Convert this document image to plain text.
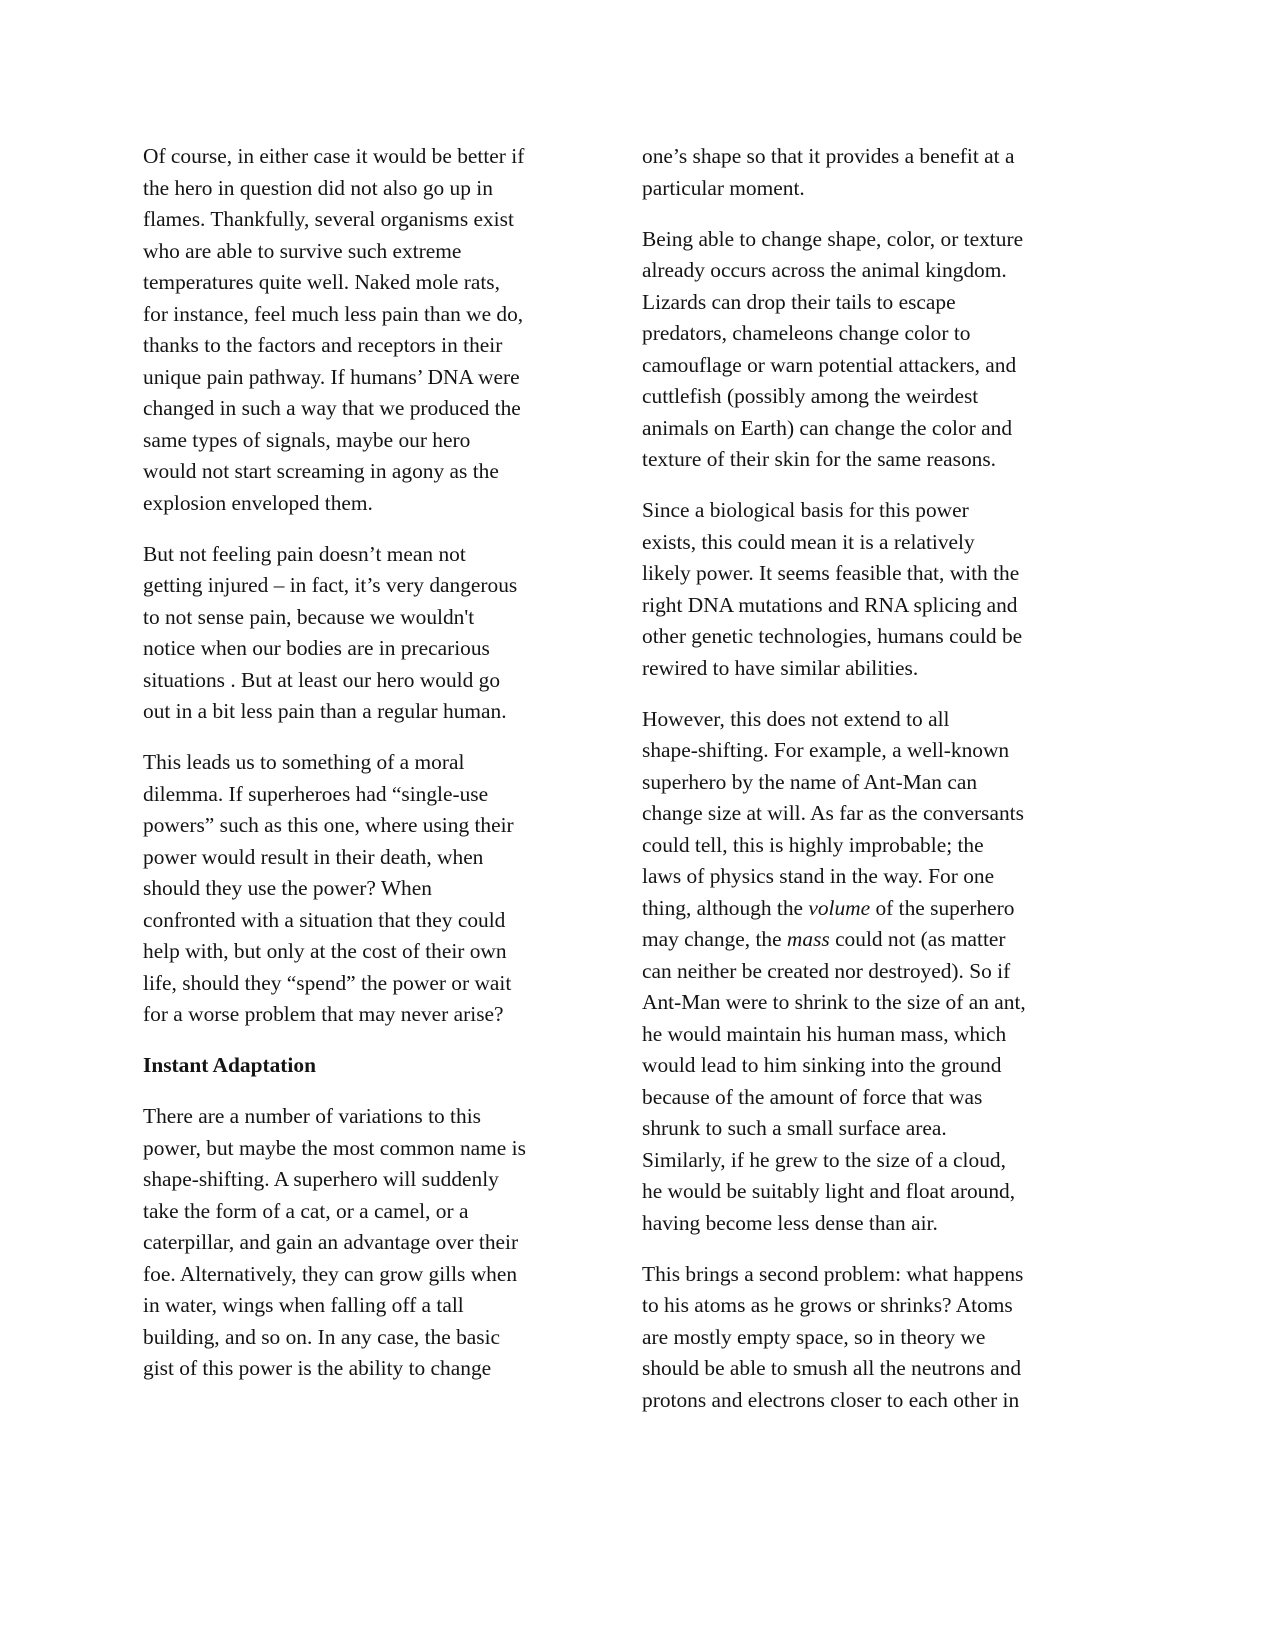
Of course, in either case it would be better if
the hero in question did not also go up in
flames. Thankfully, several organisms exist
who are able to survive such extreme
temperatures quite well. Naked mole rats,
for instance, feel much less pain than we do,
thanks to the factors and receptors in their
unique pain pathway. If humans’ DNA were
changed in such a way that we produced the
same types of signals, maybe our hero
would not start screaming in agony as the
explosion enveloped them.
But not feeling pain doesn’t mean not
getting injured – in fact, it’s very dangerous
to not sense pain, because we wouldn't
notice when our bodies are in precarious
situations . But at least our hero would go
out in a bit less pain than a regular human.
This leads us to something of a moral
dilemma. If superheroes had “single-use
powers” such as this one, where using their
power would result in their death, when
should they use the power? When
confronted with a situation that they could
help with, but only at the cost of their own
life, should they “spend” the power or wait
for a worse problem that may never arise?
Instant Adaptation
There are a number of variations to this
power, but maybe the most common name is
shape-shifting. A superhero will suddenly
take the form of a cat, or a camel, or a
caterpillar, and gain an advantage over their
foe. Alternatively, they can grow gills when
in water, wings when falling off a tall
building, and so on. In any case, the basic
gist of this power is the ability to change
one’s shape so that it provides a benefit at a
particular moment.
Being able to change shape, color, or texture
already occurs across the animal kingdom.
Lizards can drop their tails to escape
predators, chameleons change color to
camouflage or warn potential attackers, and
cuttlefish (possibly among the weirdest
animals on Earth) can change the color and
texture of their skin for the same reasons.
Since a biological basis for this power
exists, this could mean it is a relatively
likely power. It seems feasible that, with the
right DNA mutations and RNA splicing and
other genetic technologies, humans could be
rewired to have similar abilities.
However, this does not extend to all
shape-shifting. For example, a well-known
superhero by the name of Ant-Man can
change size at will. As far as the conversants
could tell, this is highly improbable; the
laws of physics stand in the way. For one
thing, although the volume of the superhero
may change, the mass could not (as matter
can neither be created nor destroyed). So if
Ant-Man were to shrink to the size of an ant,
he would maintain his human mass, which
would lead to him sinking into the ground
because of the amount of force that was
shrunk to such a small surface area.
Similarly, if he grew to the size of a cloud,
he would be suitably light and float around,
having become less dense than air.
This brings a second problem: what happens
to his atoms as he grows or shrinks? Atoms
are mostly empty space, so in theory we
should be able to smush all the neutrons and
protons and electrons closer to each other in
